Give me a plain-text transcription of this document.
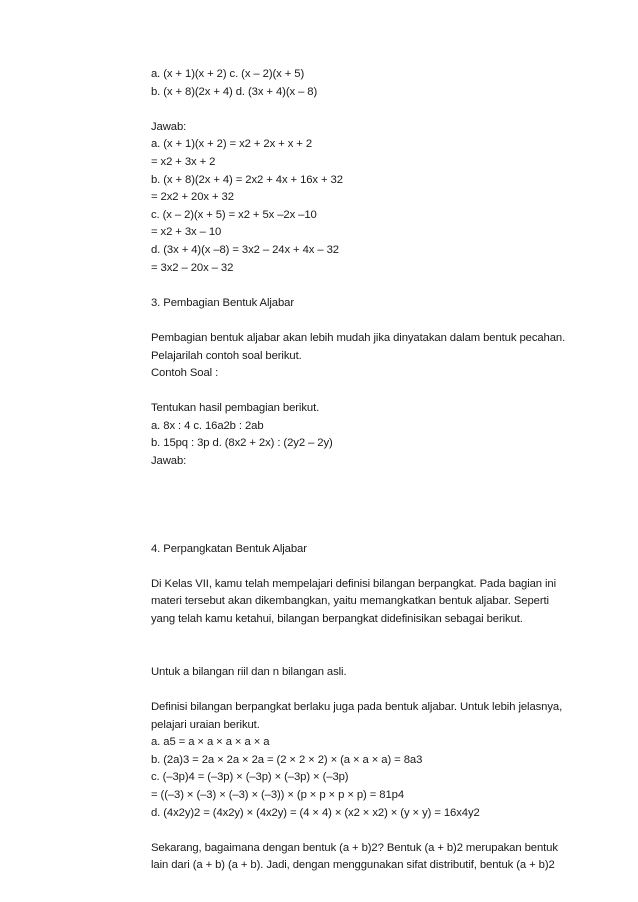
a. (x + 1)(x + 2) c. (x – 2)(x + 5)
b. (x + 8)(2x + 4) d. (3x + 4)(x – 8)
Jawab:
a. (x + 1)(x + 2) = x2 + 2x + x + 2
= x2 + 3x + 2
b. (x + 8)(2x + 4) = 2x2 + 4x + 16x + 32
= 2x2 + 20x + 32
c. (x – 2)(x + 5) = x2 + 5x –2x –10
= x2 + 3x – 10
d. (3x + 4)(x –8) = 3x2 – 24x + 4x – 32
= 3x2 – 20x – 32
3. Pembagian Bentuk Aljabar
Pembagian bentuk aljabar akan lebih mudah jika dinyatakan dalam bentuk pecahan.
Pelajarilah contoh soal berikut.
Contoh Soal :
Tentukan hasil pembagian berikut.
a. 8x : 4 c. 16a2b : 2ab
b. 15pq : 3p d. (8x2 + 2x) : (2y2 – 2y)
Jawab:
4. Perpangkatan Bentuk Aljabar
Di Kelas VII, kamu telah mempelajari definisi bilangan berpangkat. Pada bagian ini
materi tersebut akan dikembangkan, yaitu memangkatkan bentuk aljabar. Seperti
yang telah kamu ketahui, bilangan berpangkat didefinisikan sebagai berikut.
Untuk a bilangan riil dan n bilangan asli.
Definisi bilangan berpangkat berlaku juga pada bentuk aljabar. Untuk lebih jelasnya,
pelajari uraian berikut.
a. a5 = a × a × a × a × a
b. (2a)3 = 2a × 2a × 2a = (2 × 2 × 2) × (a × a × a) = 8a3
c. (–3p)4 = (–3p) × (–3p) × (–3p) × (–3p)
= ((–3) × (–3) × (–3) × (–3)) × (p × p × p × p) = 81p4
d. (4x2y)2 = (4x2y) × (4x2y) = (4 × 4) × (x2 × x2) × (y × y) = 16x4y2
Sekarang, bagaimana dengan bentuk (a + b)2? Bentuk (a + b)2 merupakan bentuk
lain dari (a + b) (a + b). Jadi, dengan menggunakan sifat distributif, bentuk (a + b)2
